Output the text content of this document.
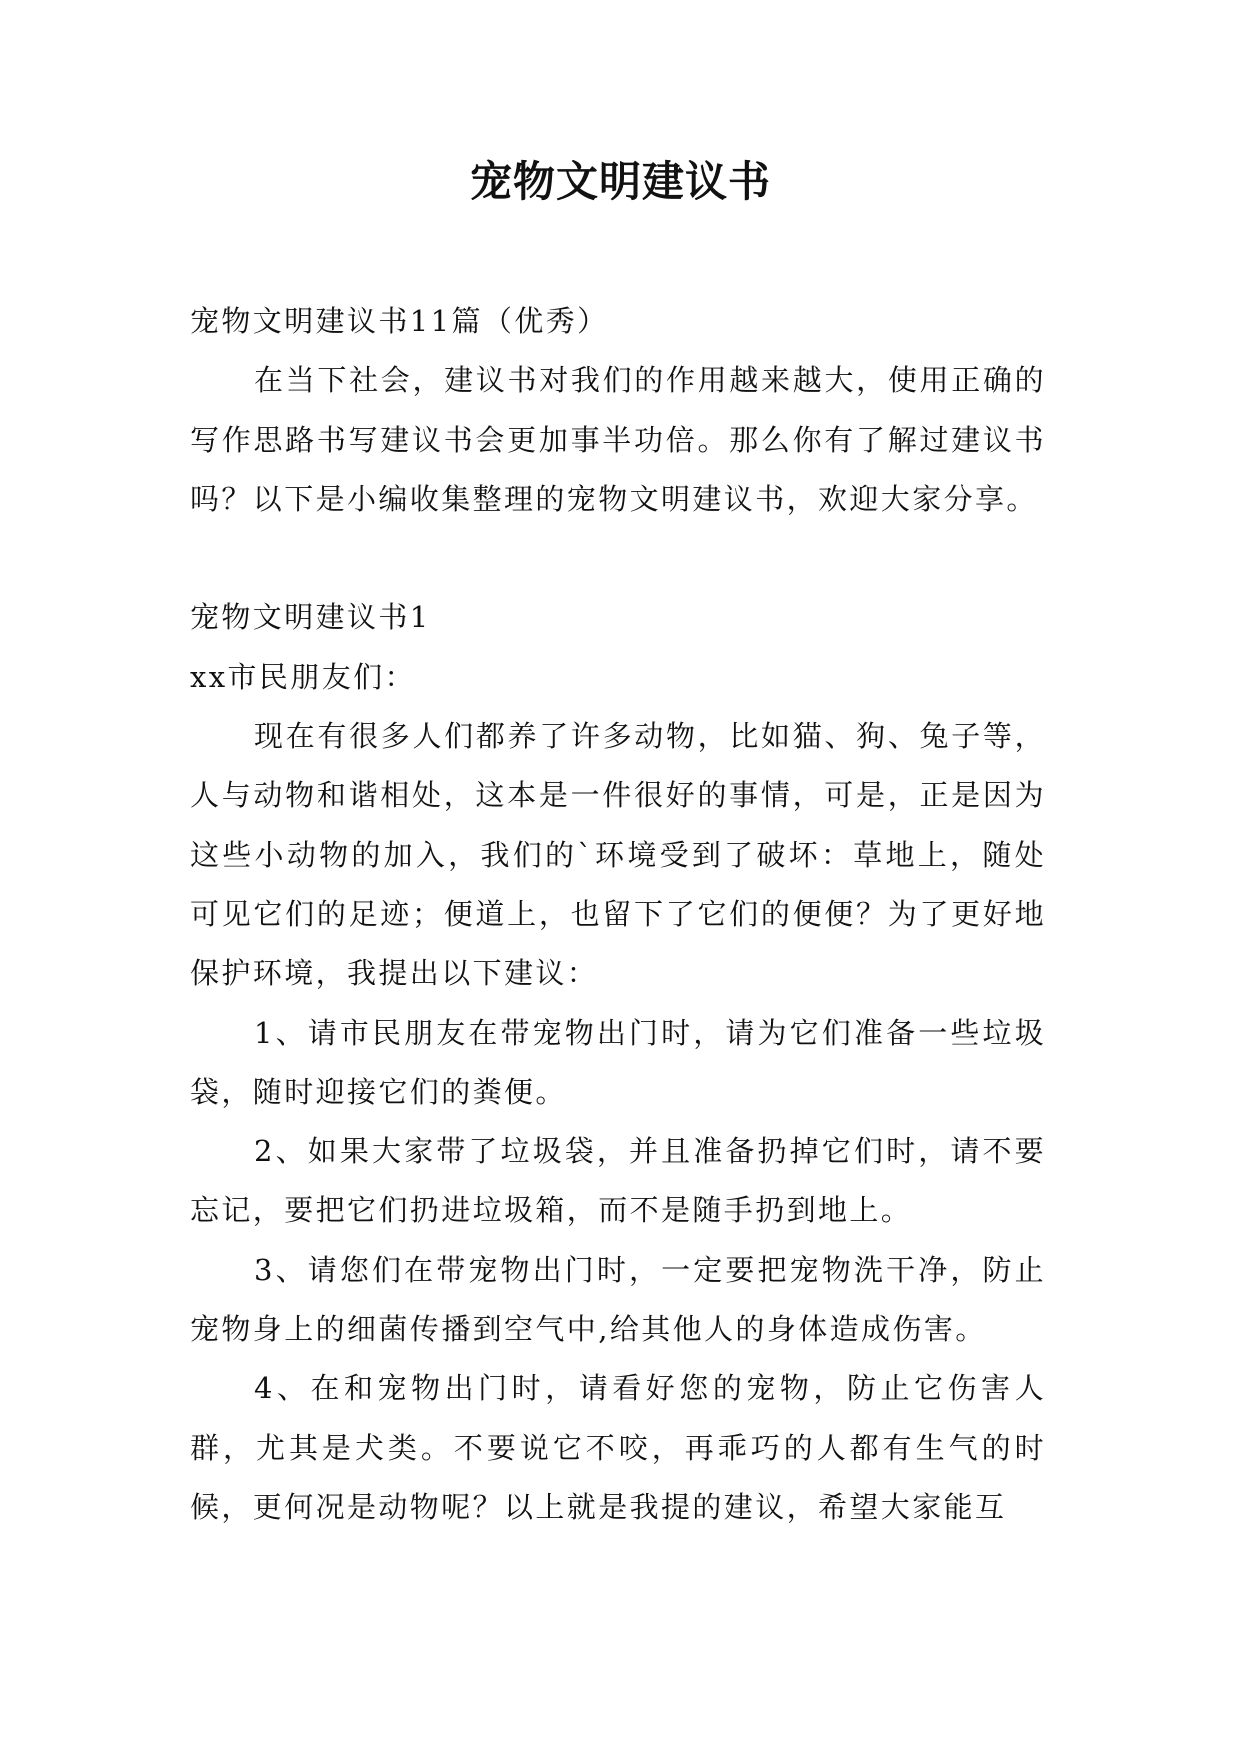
宠物文明建议书

宠物文明建议书11篇（优秀）

在当下社会，建议书对我们的作用越来越大，使用正确的写作思路书写建议书会更加事半功倍。那么你有了解过建议书吗？以下是小编收集整理的宠物文明建议书，欢迎大家分享。

宠物文明建议书1

xx市民朋友们：

现在有很多人们都养了许多动物，比如猫、狗、兔子等，人与动物和谐相处，这本是一件很好的事情，可是，正是因为这些小动物的加入，我们的`环境受到了破坏：草地上，随处可见它们的足迹；便道上，也留下了它们的便便？为了更好地保护环境，我提出以下建议：

1、请市民朋友在带宠物出门时，请为它们准备一些垃圾袋，随时迎接它们的粪便。

2、如果大家带了垃圾袋，并且准备扔掉它们时，请不要忘记，要把它们扔进垃圾箱，而不是随手扔到地上。

3、请您们在带宠物出门时，一定要把宠物洗干净，防止宠物身上的细菌传播到空气中,给其他人的身体造成伤害。

4、在和宠物出门时，请看好您的宠物，防止它伤害人群，尤其是犬类。不要说它不咬，再乖巧的人都有生气的时候，更何况是动物呢？以上就是我提的建议，希望大家能互
